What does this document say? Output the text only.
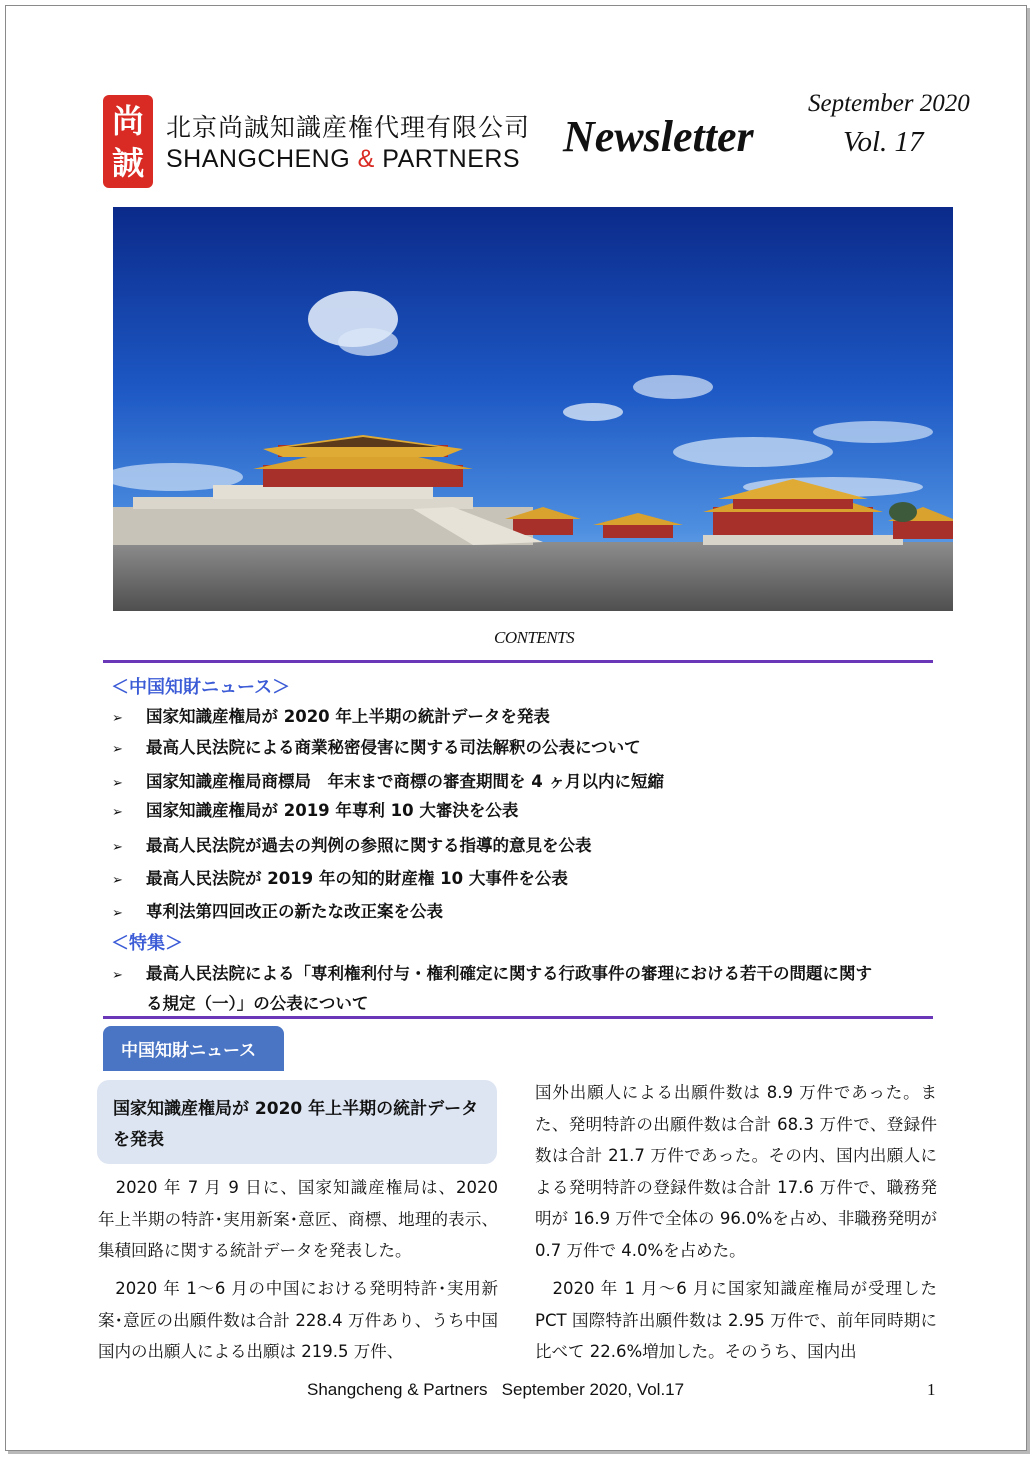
尚
誠
北京尚誠知識産権代理有限公司
SHANGCHENG & PARTNERS Newsletter
September 2020
Vol. 17
CONTENTS
＜中国知財ニュース＞
➢ 国家知識産権局が 2020 年上半期の統計データを発表
➢ 最高人民法院による商業秘密侵害に関する司法解釈の公表について
➢ 国家知識産権局商標局　年末まで商標の審査期間を 4 ヶ月以内に短縮
➢ 国家知識産権局が 2019 年専利 10 大審決を公表
➢ 最高人民法院が過去の判例の参照に関する指導的意見を公表
➢ 最高人民法院が 2019 年の知的財産権 10 大事件を公表
➢ 専利法第四回改正の新たな改正案を公表
＜特集＞
➢ 最高人民法院による「専利権利付与・権利確定に関する行政事件の審理における若干の問題に関す
る規定（一）」の公表について
中国知財ニュース
国家知識産権局が 2020 年上半期の統計データを発表
　2020 年 7 月 9 日に、国家知識産権局は、2020 年上半期の特許･実用新案･意匠、商標、地理的表示、集積回路に関する統計データを発表した。
　2020 年 1～6 月の中国における発明特許･実用新案･意匠の出願件数は合計 228.4 万件あり、うち中国国内の出願人による出願は 219.5 万件、
国外出願人による出願件数は 8.9 万件であった。また、発明特許の出願件数は合計 68.3 万件で、登録件数は合計 21.7 万件であった。その内、国内出願人による発明特許の登録件数は合計 17.6 万件で、職務発明が 16.9 万件で全体の 96.0%を占め、非職務発明が 0.7 万件で 4.0%を占めた。
　2020 年 1 月～6 月に国家知識産権局が受理した PCT 国際特許出願件数は 2.95 万件で、前年同時期に比べて 22.6%増加した。そのうち、国内出
Shangcheng & Partners   September 2020, Vol.17	1
